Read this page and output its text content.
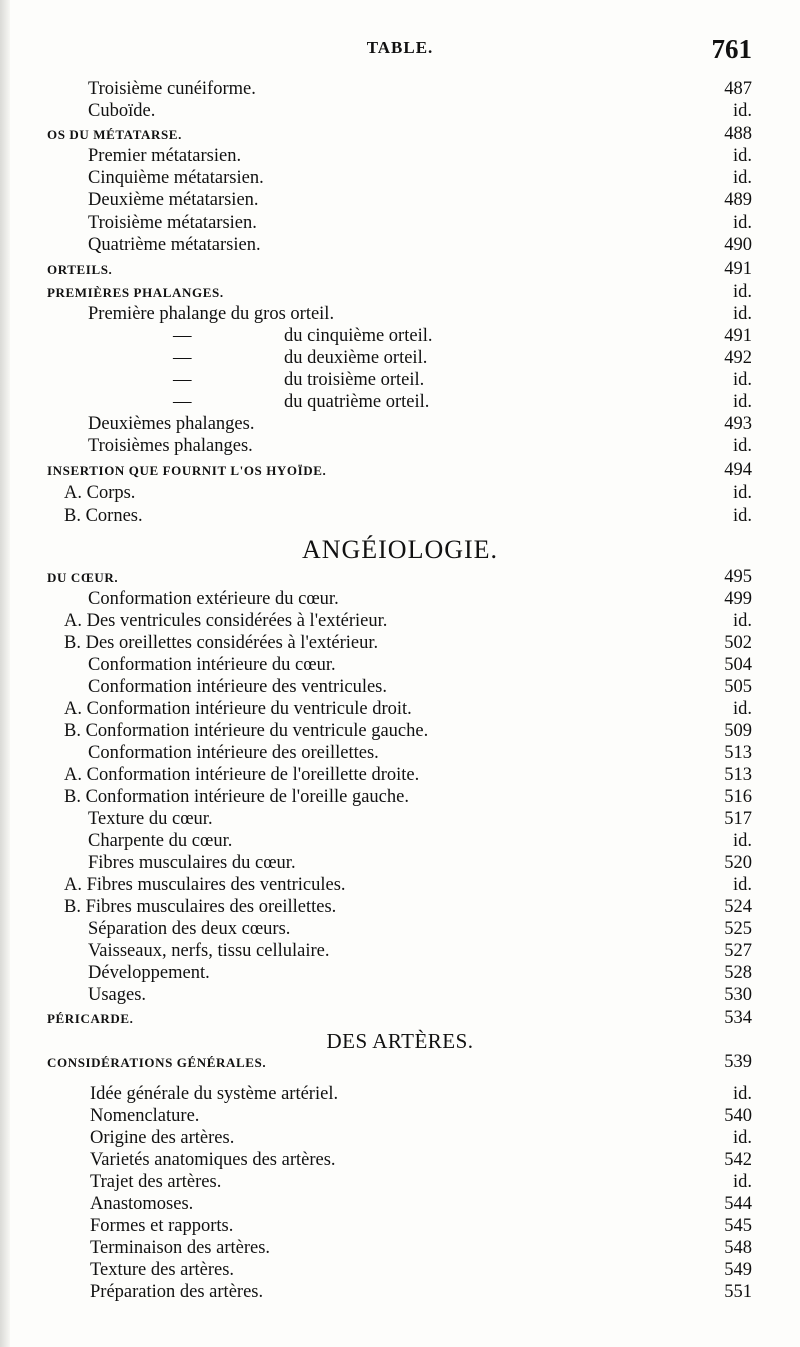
TABLE.	761
Troisième cunéiforme.	487
Cuboïde.	id.
OS DU MÉTATARSE.	488
Premier métatarsien.	id.
Cinquième métatarsien.	id.
Deuxième métatarsien.	489
Troisième métatarsien.	id.
Quatrième métatarsien.	490
ORTEILS.	491
PREMIÈRES PHALANGES.	id.
Première phalange du gros orteil.	id.
—	du cinquième orteil.	491
—	du deuxième orteil.	492
—	du troisième orteil.	id.
—	du quatrième orteil.	id.
Deuxièmes phalanges.	493
Troisièmes phalanges.	id.
INSERTION QUE FOURNIT L'OS HYOÏDE.	494
A. Corps.	id.
B. Cornes.	id.
ANGÉIOLOGIE.
DU CŒUR.	495
Conformation extérieure du cœur.	499
A. Des ventricules considérées à l'extérieur.	id.
B. Des oreillettes considérées à l'extérieur.	502
Conformation intérieure du cœur.	504
Conformation intérieure des ventricules.	505
A. Conformation intérieure du ventricule droit.	id.
B. Conformation intérieure du ventricule gauche.	509
Conformation intérieure des oreillettes.	513
A. Conformation intérieure de l'oreillette droite.	513
B. Conformation intérieure de l'oreille gauche.	516
Texture du cœur.	517
Charpente du cœur.	id.
Fibres musculaires du cœur.	520
A. Fibres musculaires des ventricules.	id.
B. Fibres musculaires des oreillettes.	524
Séparation des deux cœurs.	525
Vaisseaux, nerfs, tissu cellulaire.	527
Développement.	528
Usages.	530
PÉRICARDE.	534
DES ARTÈRES.
CONSIDÉRATIONS GÉNÉRALES.	539
Idée générale du système artériel.	id.
Nomenclature.	540
Origine des artères.	id.
Varietés anatomiques des artères.	542
Trajet des artères.	id.
Anastomoses.	544
Formes et rapports.	545
Terminaison des artères.	548
Texture des artères.	549
Préparation des artères.	551
